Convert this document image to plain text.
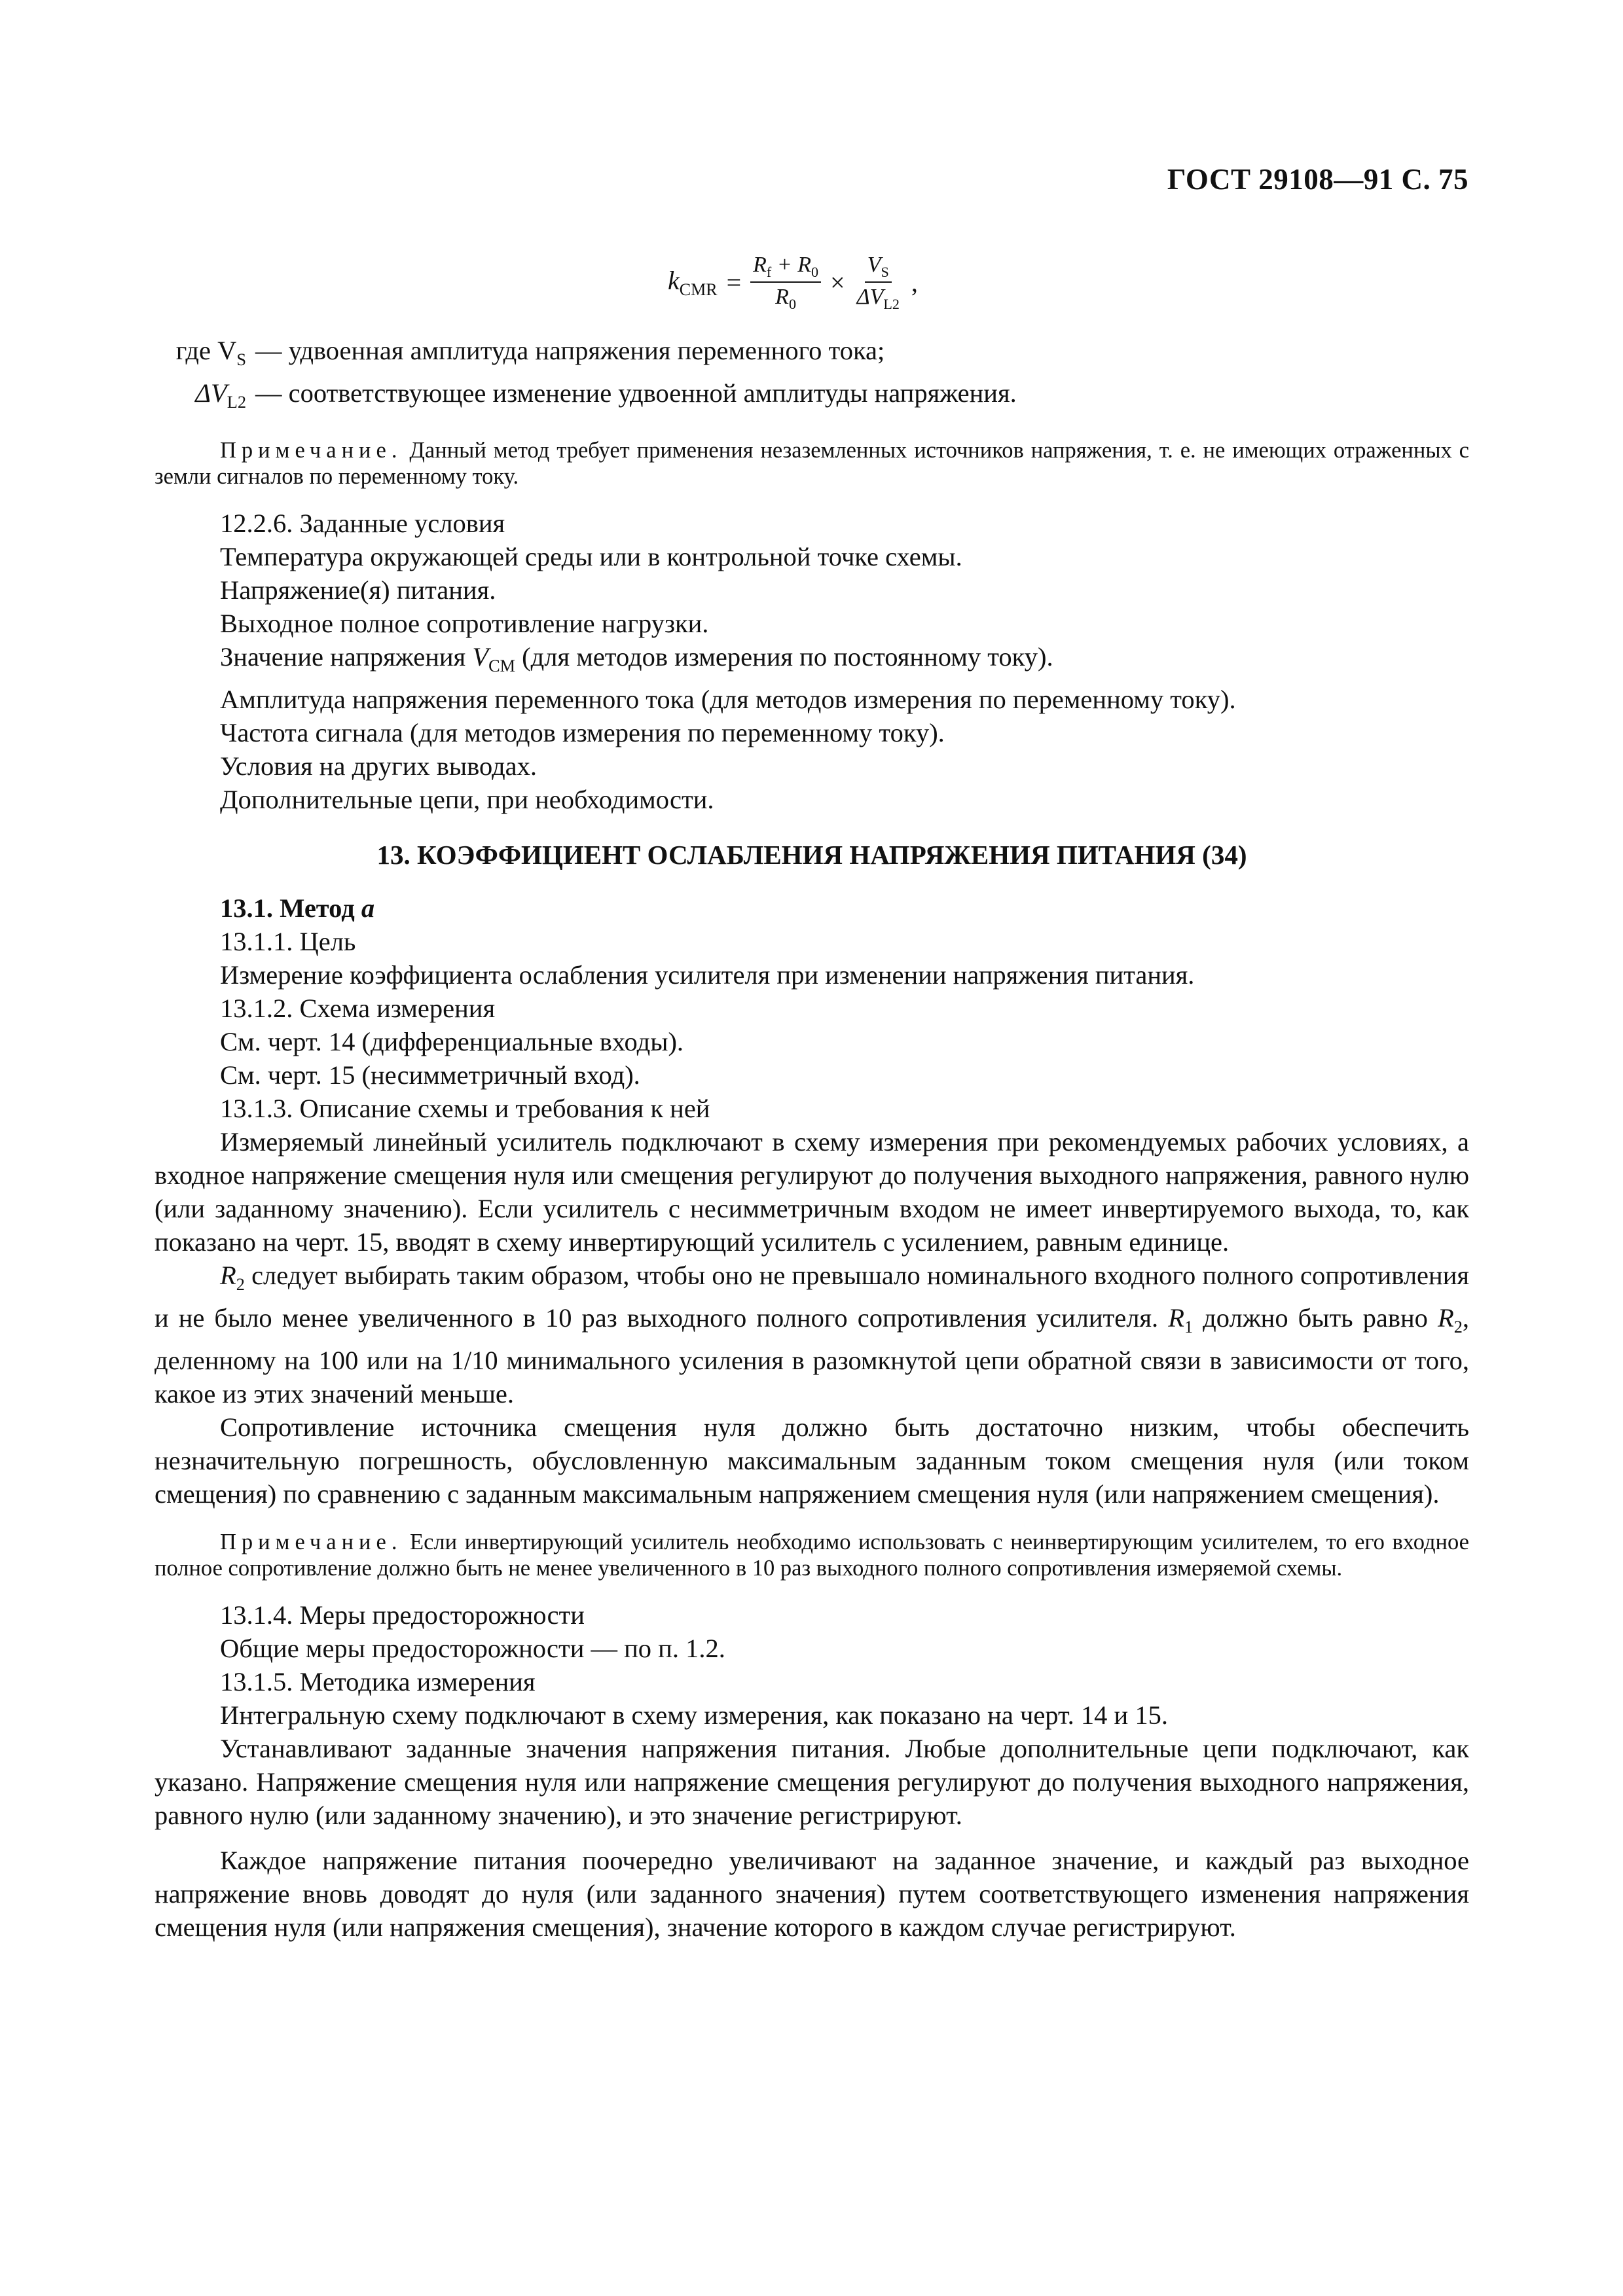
ГОСТ 29108—91 С. 75
$k_{CMR} = \frac{R_f + R_0}{R_0} \times \frac{V_S}{\Delta V_{L2}}$ ,
где $V_S$ — удвоенная амплитуда напряжения переменного тока;
$\Delta V_{L2}$ — соответствующее изменение удвоенной амплитуды напряжения.
Примечание. Данный метод требует применения незаземленных источников напряжения, т. е. не имеющих отраженных с земли сигналов по переменному току.

12.2.6. Заданные условия

Температура окружающей среды или в контрольной точке схемы.

Напряжение(я) питания.

Выходное полное сопротивление нагрузки.

Значение напряжения $V_{CM}$ (для методов измерения по постоянному току).

Амплитуда напряжения переменного тока (для методов измерения по переменному току).

Частота сигнала (для методов измерения по переменному току).

Условия на других выводах.

Дополнительные цепи, при необходимости.

13. КОЭФФИЦИЕНТ ОСЛАБЛЕНИЯ НАПРЯЖЕНИЯ ПИТАНИЯ (34)

13.1. Метод a

13.1.1. Цель

Измерение коэффициента ослабления усилителя при изменении напряжения питания.

13.1.2. Схема измерения

См. черт. 14 (дифференциальные входы).

См. черт. 15 (несимметричный вход).

13.1.3. Описание схемы и требования к ней

Измеряемый линейный усилитель подключают в схему измерения при рекомендуемых рабочих условиях, а входное напряжение смещения нуля или смещения регулируют до получения выходного напряжения, равного нулю (или заданному значению). Если усилитель с несимметричным входом не имеет инвертируемого выхода, то, как показано на черт. 15, вводят в схему инвертирующий усилитель с усилением, равным единице.

$R_2$ следует выбирать таким образом, чтобы оно не превышало номинального входного полного сопротивления и не было менее увеличенного в 10 раз выходного полного сопротивления усилителя. $R_1$ должно быть равно $R_2$, деленному на 100 или на 1/10 минимального усиления в разомкнутой цепи обратной связи в зависимости от того, какое из этих значений меньше.

Сопротивление источника смещения нуля должно быть достаточно низким, чтобы обеспечить незначительную погрешность, обусловленную максимальным заданным током смещения нуля (или током смещения) по сравнению с заданным максимальным напряжением смещения нуля (или напряжением смещения).

Примечание. Если инвертирующий усилитель необходимо использовать с неинвертирующим усилителем, то его входное полное сопротивление должно быть не менее увеличенного в 10 раз выходного полного сопротивления измеряемой схемы.

13.1.4. Меры предосторожности

Общие меры предосторожности — по п. 1.2.

13.1.5. Методика измерения

Интегральную схему подключают в схему измерения, как показано на черт. 14 и 15.

Устанавливают заданные значения напряжения питания. Любые дополнительные цепи подключают, как указано. Напряжение смещения нуля или напряжение смещения регулируют до получения выходного напряжения, равного нулю (или заданному значению), и это значение регистрируют.

Каждое напряжение питания поочередно увеличивают на заданное значение, и каждый раз выходное напряжение вновь доводят до нуля (или заданного значения) путем соответствующего изменения напряжения смещения нуля (или напряжения смещения), значение которого в каждом случае регистрируют.
